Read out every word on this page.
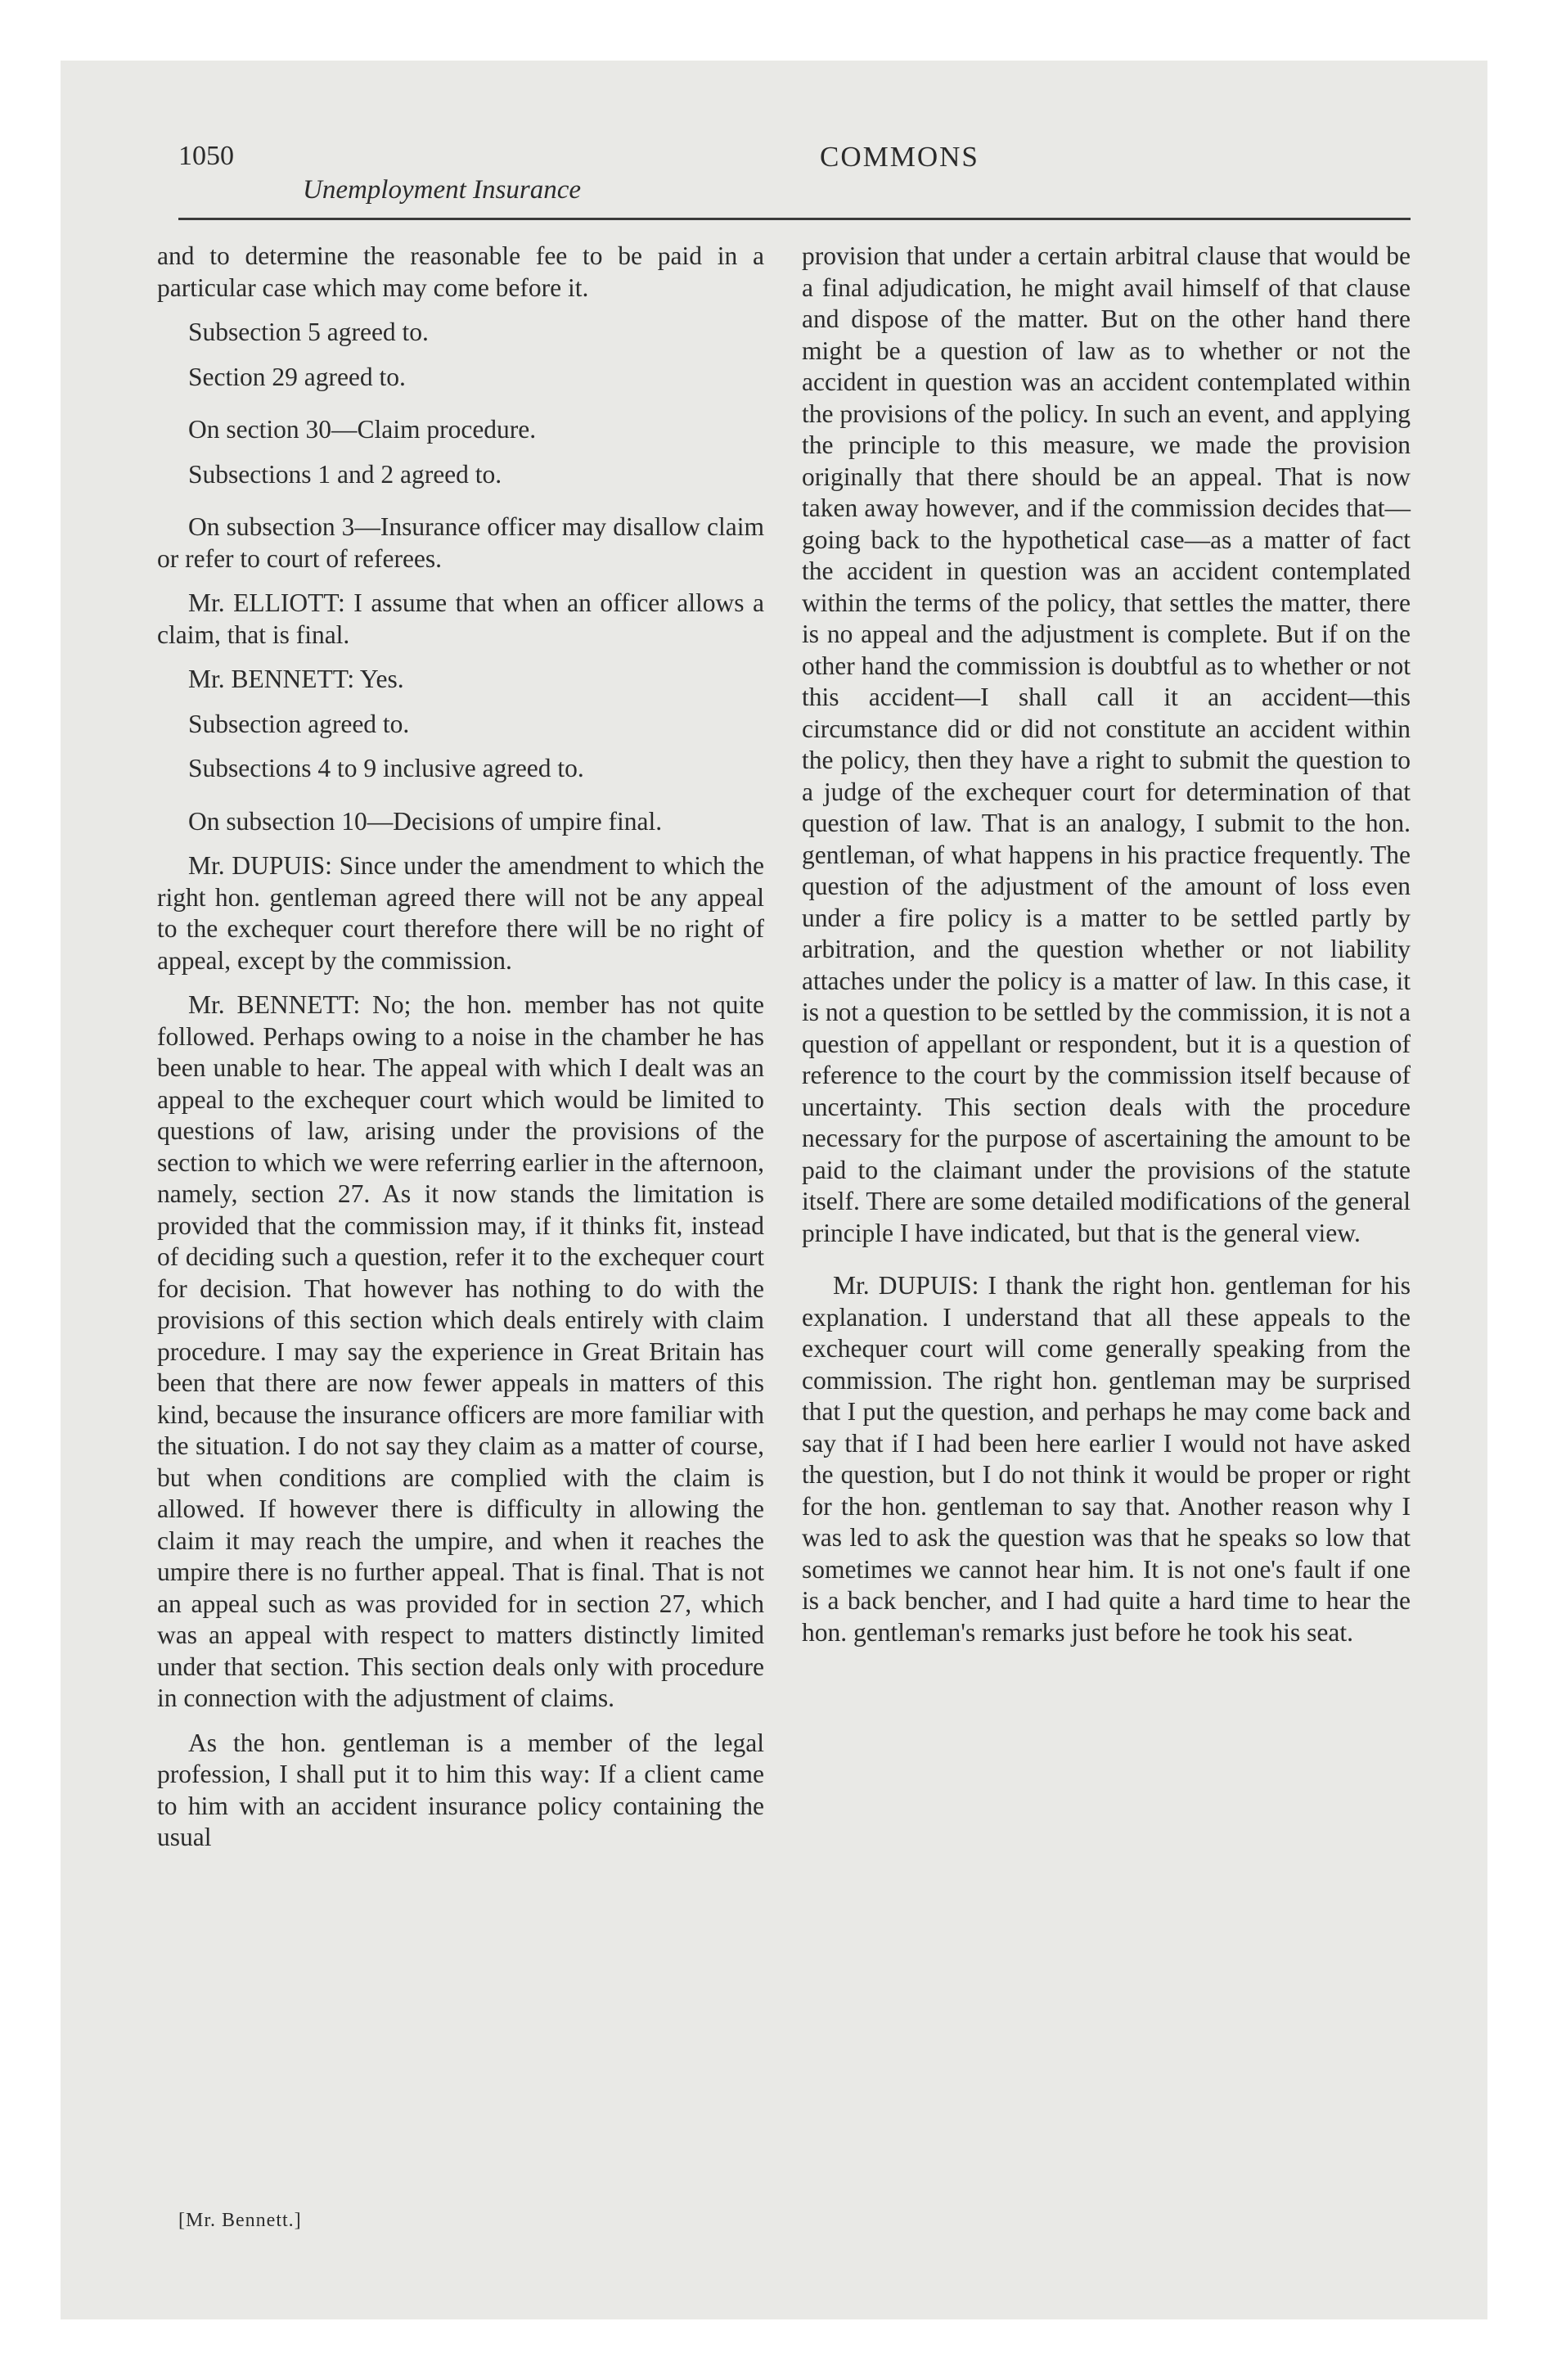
1050
Unemployment Insurance
COMMONS

and to determine the reasonable fee to be paid in a particular case which may come before it.

Subsection 5 agreed to.

Section 29 agreed to.

On section 30—Claim procedure.

Subsections 1 and 2 agreed to.

On subsection 3—Insurance officer may disallow claim or refer to court of referees.

Mr. ELLIOTT: I assume that when an officer allows a claim, that is final.

Mr. BENNETT: Yes.

Subsection agreed to.

Subsections 4 to 9 inclusive agreed to.

On subsection 10—Decisions of umpire final.

Mr. DUPUIS: Since under the amendment to which the right hon. gentleman agreed there will not be any appeal to the exchequer court therefore there will be no right of appeal, except by the commission.

Mr. BENNETT: No; the hon. member has not quite followed. Perhaps owing to a noise in the chamber he has been unable to hear. The appeal with which I dealt was an appeal to the exchequer court which would be limited to questions of law, arising under the provisions of the section to which we were referring earlier in the afternoon, namely, section 27. As it now stands the limitation is provided that the commission may, if it thinks fit, instead of deciding such a question, refer it to the exchequer court for decision. That however has nothing to do with the provisions of this section which deals entirely with claim procedure. I may say the experience in Great Britain has been that there are now fewer appeals in matters of this kind, because the insurance officers are more familiar with the situation. I do not say they claim as a matter of course, but when conditions are complied with the claim is allowed. If however there is difficulty in allowing the claim it may reach the umpire, and when it reaches the umpire there is no further appeal. That is final. That is not an appeal such as was provided for in section 27, which was an appeal with respect to matters distinctly limited under that section. This section deals only with procedure in connection with the adjustment of claims.

As the hon. gentleman is a member of the legal profession, I shall put it to him this way: If a client came to him with an accident insurance policy containing the usual

provision that under a certain arbitral clause that would be a final adjudication, he might avail himself of that clause and dispose of the matter. But on the other hand there might be a question of law as to whether or not the accident in question was an accident contemplated within the provisions of the policy. In such an event, and applying the principle to this measure, we made the provision originally that there should be an appeal. That is now taken away however, and if the commission decides that—going back to the hypothetical case—as a matter of fact the accident in question was an accident contemplated within the terms of the policy, that settles the matter, there is no appeal and the adjustment is complete. But if on the other hand the commission is doubtful as to whether or not this accident—I shall call it an accident—this circumstance did or did not constitute an accident within the policy, then they have a right to submit the question to a judge of the exchequer court for determination of that question of law. That is an analogy, I submit to the hon. gentleman, of what happens in his practice frequently. The question of the adjustment of the amount of loss even under a fire policy is a matter to be settled partly by arbitration, and the question whether or not liability attaches under the policy is a matter of law. In this case, it is not a question to be settled by the commission, it is not a question of appellant or respondent, but it is a question of reference to the court by the commission itself because of uncertainty. This section deals with the procedure necessary for the purpose of ascertaining the amount to be paid to the claimant under the provisions of the statute itself. There are some detailed modifications of the general principle I have indicated, but that is the general view.

Mr. DUPUIS: I thank the right hon. gentleman for his explanation. I understand that all these appeals to the exchequer court will come generally speaking from the commission. The right hon. gentleman may be surprised that I put the question, and perhaps he may come back and say that if I had been here earlier I would not have asked the question, but I do not think it would be proper or right for the hon. gentleman to say that. Another reason why I was led to ask the question was that he speaks so low that sometimes we cannot hear him. It is not one's fault if one is a back bencher, and I had quite a hard time to hear the hon. gentleman's remarks just before he took his seat.

[Mr. Bennett.]
